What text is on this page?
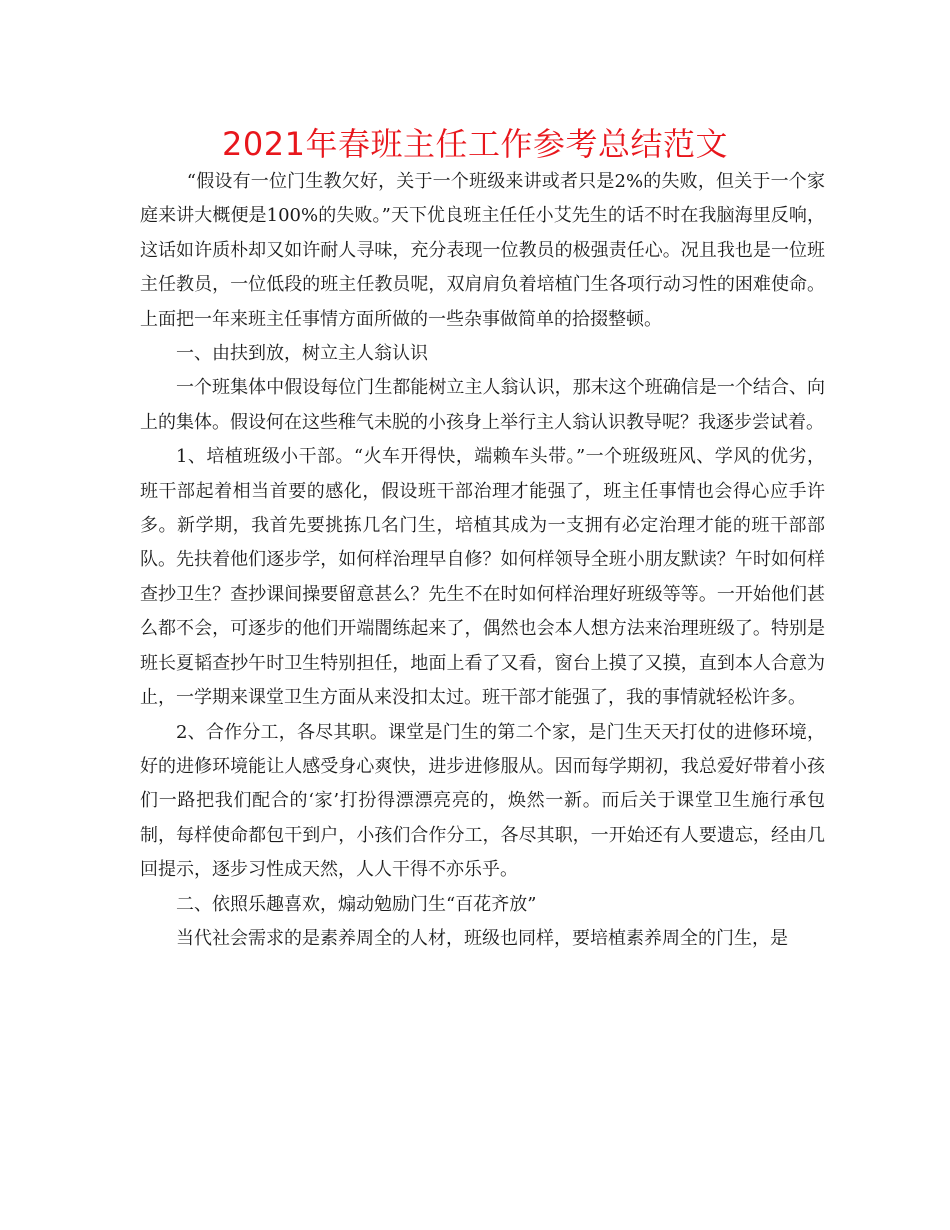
2021年春班主任工作参考总结范文

“假设有一位门生教欠好，关于一个班级来讲或者只是2%的失败，但关于一个家庭来讲大概便是100%的失败。”天下优良班主任任小艾先生的话不时在我脑海里反响，这话如许质朴却又如许耐人寻味，充分表现一位教员的极强责任心。况且我也是一位班主任教员，一位低段的班主任教员呢，双肩肩负着培植门生各项行动习性的困难使命。上面把一年来班主任事情方面所做的一些杂事做简单的拾掇整顿。

一、由扶到放，树立主人翁认识

一个班集体中假设每位门生都能树立主人翁认识，那末这个班确信是一个结合、向上的集体。假设何在这些稚气未脱的小孩身上举行主人翁认识教导呢？我逐步尝试着。

1、培植班级小干部。“火车开得快，端赖车头带。”一个班级班风、学风的优劣，班干部起着相当首要的感化，假设班干部治理才能强了，班主任事情也会得心应手许多。新学期，我首先要挑拣几名门生，培植其成为一支拥有必定治理才能的班干部部队。先扶着他们逐步学，如何样治理早自修？如何样领导全班小朋友默读？午时如何样查抄卫生？查抄课间操要留意甚么？先生不在时如何样治理好班级等等。一开始他们甚么都不会，可逐步的他们开端闇练起来了，偶然也会本人想方法来治理班级了。特别是班长夏韬查抄午时卫生特别担任，地面上看了又看，窗台上摸了又摸，直到本人合意为止，一学期来课堂卫生方面从来没扣太过。班干部才能强了，我的事情就轻松许多。

2、合作分工，各尽其职。课堂是门生的第二个家，是门生天天打仗的进修环境，好的进修环境能让人感受身心爽快，进步进修服从。因而每学期初，我总爱好带着小孩们一路把我们配合的‘家’打扮得漂漂亮亮的，焕然一新。而后关于课堂卫生施行承包制，每样使命都包干到户，小孩们合作分工，各尽其职，一开始还有人要遗忘，经由几回提示，逐步习性成天然，人人干得不亦乐乎。

二、依照乐趣喜欢，煽动勉励门生“百花齐放”

当代社会需求的是素养周全的人材，班级也同样，要培植素养周全的门生，是
